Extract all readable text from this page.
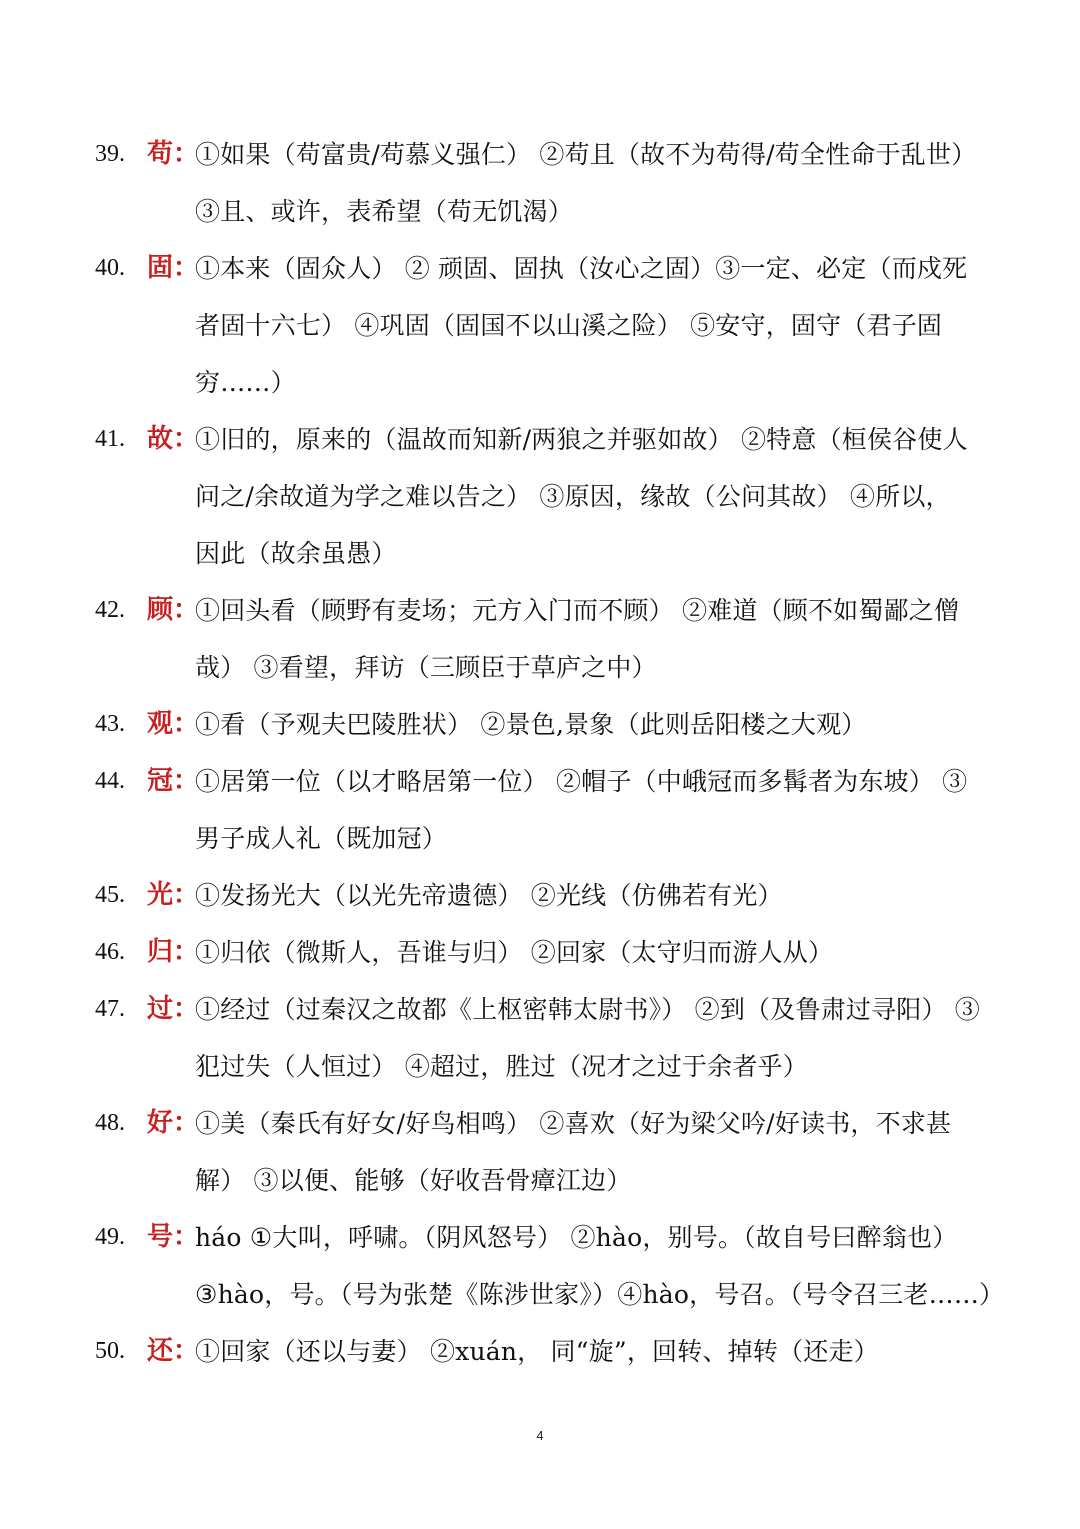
39. 苟：
①如果（苟富贵/苟慕义强仁） ②苟且（故不为苟得/苟全性命于乱世）
③且、或许，表希望（苟无饥渴）
40. 固：
①本来（固众人） ② 顽固、固执（汝心之固）③一定、必定（而戍死
者固十六七） ④巩固（固国不以山溪之险） ⑤安守，固守（君子固
穷……）
41. 故：
①旧的，原来的（温故而知新/两狼之并驱如故） ②特意（桓侯谷使人
问之/余故道为学之难以告之） ③原因，缘故（公问其故） ④所以，
因此（故余虽愚）
42. 顾：
①回头看（顾野有麦场；元方入门而不顾） ②难道（顾不如蜀鄙之僧
哉） ③看望，拜访（三顾臣于草庐之中）
43. 观：
①看（予观夫巴陵胜状） ②景色,景象（此则岳阳楼之大观）
44. 冠：
①居第一位（以才略居第一位） ②帽子（中峨冠而多髯者为东坡） ③
男子成人礼（既加冠）
45. 光：
①发扬光大（以光先帝遗德） ②光线（仿佛若有光）
46. 归：
①归依（微斯人，吾谁与归） ②回家（太守归而游人从）
47. 过：
①经过（过秦汉之故都《上枢密韩太尉书》） ②到（及鲁肃过寻阳） ③
犯过失（人恒过） ④超过，胜过（况才之过于余者乎）
48. 好：
①美（秦氏有好女/好鸟相鸣） ②喜欢（好为梁父吟/好读书，不求甚
解） ③以便、能够（好收吾骨瘴江边）
49. 号：
háo ①大叫，呼啸。（阴风怒号） ②hào，别号。（故自号曰醉翁也）
③hào，号。（号为张楚《陈涉世家》）④hào，号召。（号令召三老……）
50. 还：
①回家（还以与妻） ②xuán， 同“旋”，回转、掉转（还走）
4
